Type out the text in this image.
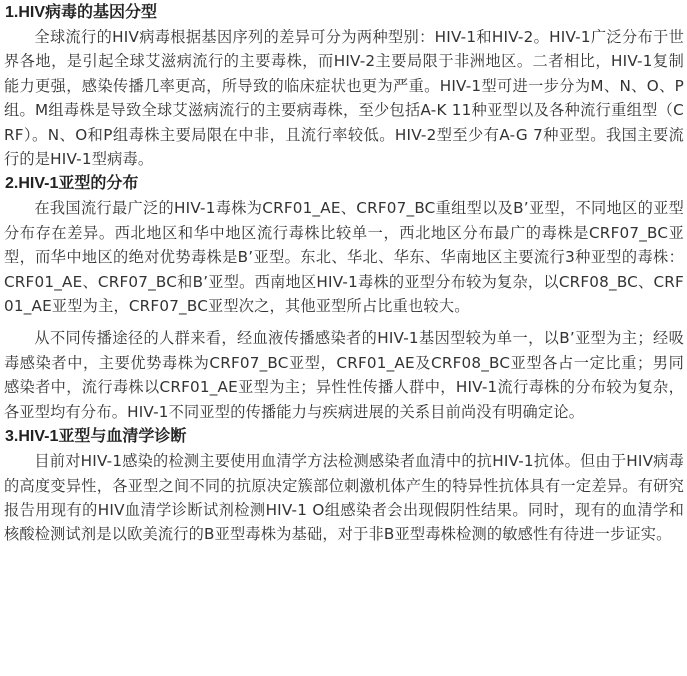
1.HIV病毒的基因分型

全球流行的HIV病毒根据基因序列的差异可分为两种型别：HIV-1和HIV-2。HIV-1广泛分布于世界各地，是引起全球艾滋病流行的主要毒株，而HIV-2主要局限于非洲地区。二者相比，HIV-1复制能力更强，感染传播几率更高，所导致的临床症状也更为严重。HIV-1型可进一步分为M、N、O、P组。M组毒株是导致全球艾滋病流行的主要病毒株，至少包括A-K 11种亚型以及各种流行重组型（CRF）。N、O和P组毒株主要局限在中非，且流行率较低。HIV-2型至少有A-G 7种亚型。我国主要流行的是HIV-1型病毒。

2.HIV-1亚型的分布

在我国流行最广泛的HIV-1毒株为CRF01_AE、CRF07_BC重组型以及B’亚型，不同地区的亚型分布存在差异。西北地区和华中地区流行毒株比较单一，西北地区分布最广的毒株是CRF07_BC亚型，而华中地区的绝对优势毒株是B’亚型。东北、华北、华东、华南地区主要流行3种亚型的毒株：CRF01_AE、CRF07_BC和B’亚型。西南地区HIV-1毒株的亚型分布较为复杂，以CRF08_BC、CRF01_AE亚型为主，CRF07_BC亚型次之，其他亚型所占比重也较大。

从不同传播途径的人群来看，经血液传播感染者的HIV-1基因型较为单一，以B’亚型为主；经吸毒感染者中，主要优势毒株为CRF07_BC亚型，CRF01_AE及CRF08_BC亚型各占一定比重；男同感染者中，流行毒株以CRF01_AE亚型为主；异性性传播人群中，HIV-1流行毒株的分布较为复杂，各亚型均有分布。HIV-1不同亚型的传播能力与疾病进展的关系目前尚没有明确定论。

3.HIV-1亚型与血清学诊断

目前对HIV-1感染的检测主要使用血清学方法检测感染者血清中的抗HIV-1抗体。但由于HIV病毒的高度变异性，各亚型之间不同的抗原决定簇部位刺激机体产生的特异性抗体具有一定差异。有研究报告用现有的HIV血清学诊断试剂检测HIV-1 O组感染者会出现假阴性结果。同时，现有的血清学和核酸检测试剂是以欧美流行的B亚型毒株为基础，对于非B亚型毒株检测的敏感性有待进一步证实。
